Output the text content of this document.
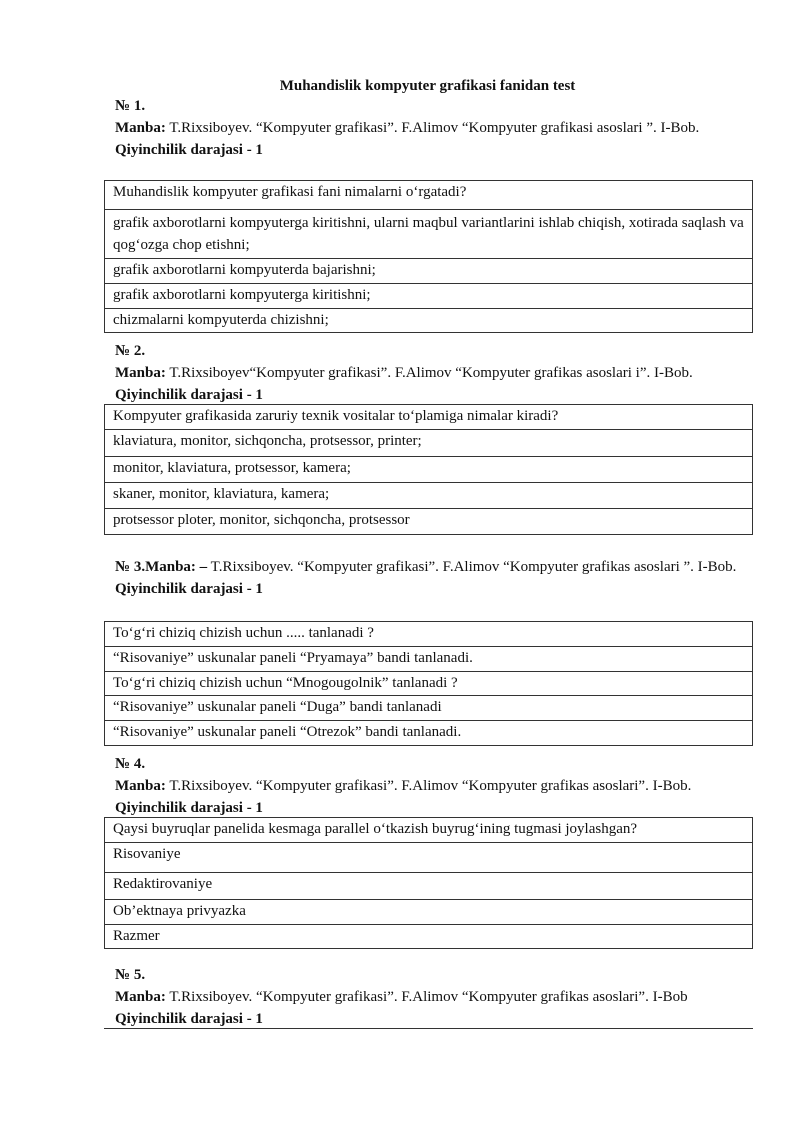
Muhandislik kompyuter grafikasi fanidan test
№ 1.

Manba: T.Rixsiboyev. “Kompyuter grafikasi”. F.Alimov “Kompyuter grafikasi asoslari ”. I-Bob.

Qiyinchilik darajasi - 1
Muhandislik kompyuter grafikasi fani nimalarni o‘rgatadi?
grafik axborotlarni kompyuterga kiritishni, ularni maqbul variantlarini ishlab chiqish, xotirada saqlash va qog‘ozga chop etishni;
grafik axborotlarni kompyuterda bajarishni;
grafik axborotlarni kompyuterga kiritishni;
chizmalarni kompyuterda chizishni;
№ 2.

Manba: T.Rixsiboyev“Kompyuter grafikasi”. F.Alimov “Kompyuter grafikas asoslari i”. I-Bob.

Qiyinchilik darajasi - 1
Kompyuter grafikasida zaruriy texnik vositalar to‘plamiga nimalar kiradi?
klaviatura, monitor, sichqoncha, protsessor, printer;
monitor, klaviatura, protsessor, kamera;
skaner, monitor, klaviatura, kamera;
protsessor ploter, monitor, sichqoncha, protsessor

№ 3.Manba: – T.Rixsiboyev. “Kompyuter grafikasi”. F.Alimov “Kompyuter grafikas asoslari ”. I-Bob.

Qiyinchilik darajasi - 1
To‘g‘ri chiziq chizish uchun ..... tanlanadi ?
“Risovaniye” uskunalar paneli “Pryamaya” bandi tanlanadi.
To‘g‘ri chiziq chizish uchun “Mnogougolnik” tanlanadi ?
“Risovaniye” uskunalar paneli “Duga” bandi tanlanadi
“Risovaniye” uskunalar paneli “Otrezok” bandi tanlanadi.
№ 4.

Manba: T.Rixsiboyev. “Kompyuter grafikasi”. F.Alimov “Kompyuter grafikas asoslari”. I-Bob.

Qiyinchilik darajasi - 1
Qaysi buyruqlar panelida kesmaga parallel o‘tkazish buyrug‘ining tugmasi joylashgan?
Risovaniye
Redaktirovaniye
Ob’ektnaya privyazka
Razmer
№ 5.

Manba: T.Rixsiboyev. “Kompyuter grafikasi”. F.Alimov “Kompyuter grafikas asoslari”. I-Bob

Qiyinchilik darajasi - 1
